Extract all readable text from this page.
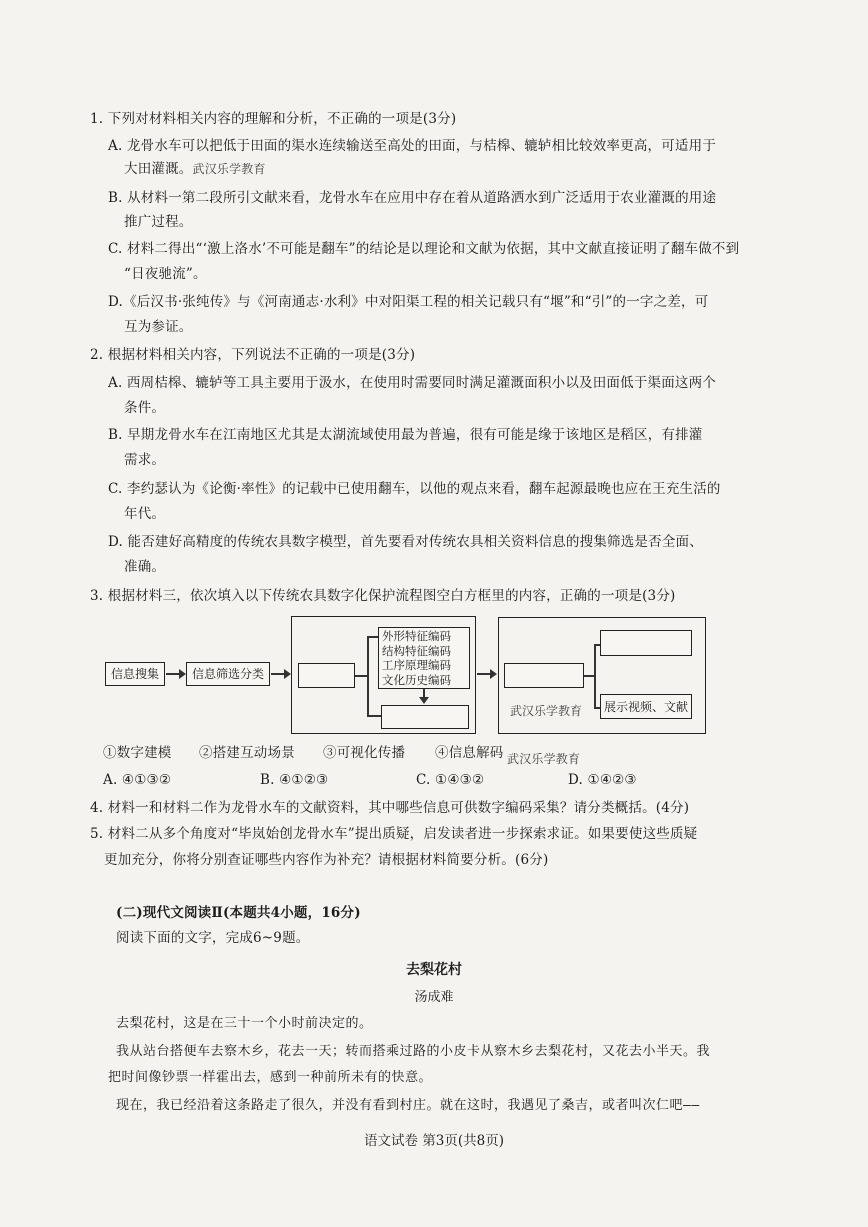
1. 下列对材料相关内容的理解和分析，不正确的一项是(3分)
A. 龙骨水车可以把低于田面的渠水连续输送至高处的田面，与桔槔、辘轳相比较效率更高，可适用于
大田灌溉。武汉乐学教育
B. 从材料一第二段所引文献来看，龙骨水车在应用中存在着从道路洒水到广泛适用于农业灌溉的用途
推广过程。
C. 材料二得出“‘激上洛水’不可能是翻车”的结论是以理论和文献为依据，其中文献直接证明了翻车做不到
“日夜驰流”。
D.《后汉书·张纯传》与《河南通志·水利》中对阳渠工程的相关记载只有“堰”和“引”的一字之差，可
互为参证。
2. 根据材料相关内容，下列说法不正确的一项是(3分)
A. 西周桔槔、辘轳等工具主要用于汲水，在使用时需要同时满足灌溉面积小以及田面低于渠面这两个
条件。
B. 早期龙骨水车在江南地区尤其是太湖流域使用最为普遍，很有可能是缘于该地区是稻区，有排灌
需求。
C. 李约瑟认为《论衡·率性》的记载中已使用翻车，以他的观点来看，翻车起源最晚也应在王充生活的
年代。
D. 能否建好高精度的传统农具数字模型，首先要看对传统农具相关资料信息的搜集筛选是否全面、
准确。
3. 根据材料三，依次填入以下传统农具数字化保护流程图空白方框里的内容，正确的一项是(3分)
信息搜集	信息筛选分类
外形特征编码
结构特征编码
工序原理编码
文化历史编码
展示视频、文献
武汉乐学教育
①数字建模 ②搭建互动场景 ③可视化传播 ④信息解码 武汉乐学教育
A. ④①③②	B. ④①②③	C. ①④③②	D. ①④②③
4. 材料一和材料二作为龙骨水车的文献资料，其中哪些信息可供数字编码采集？请分类概括。(4分)
5. 材料二从多个角度对“毕岚始创龙骨水车”提出质疑，启发读者进一步探索求证。如果要使这些质疑
更加充分，你将分别查证哪些内容作为补充？请根据材料简要分析。(6分)
(二)现代文阅读Ⅱ(本题共4小题，16分)
阅读下面的文字，完成6~9题。
去梨花村
汤成难
去梨花村，这是在三十一个小时前决定的。
我从站台搭便车去察木乡，花去一天；转而搭乘过路的小皮卡从察木乡去梨花村，又花去小半天。我
把时间像钞票一样霍出去，感到一种前所未有的快意。
现在，我已经沿着这条路走了很久，并没有看到村庄。就在这时，我遇见了桑吉，或者叫次仁吧——
语文试卷 第3页(共8页)
